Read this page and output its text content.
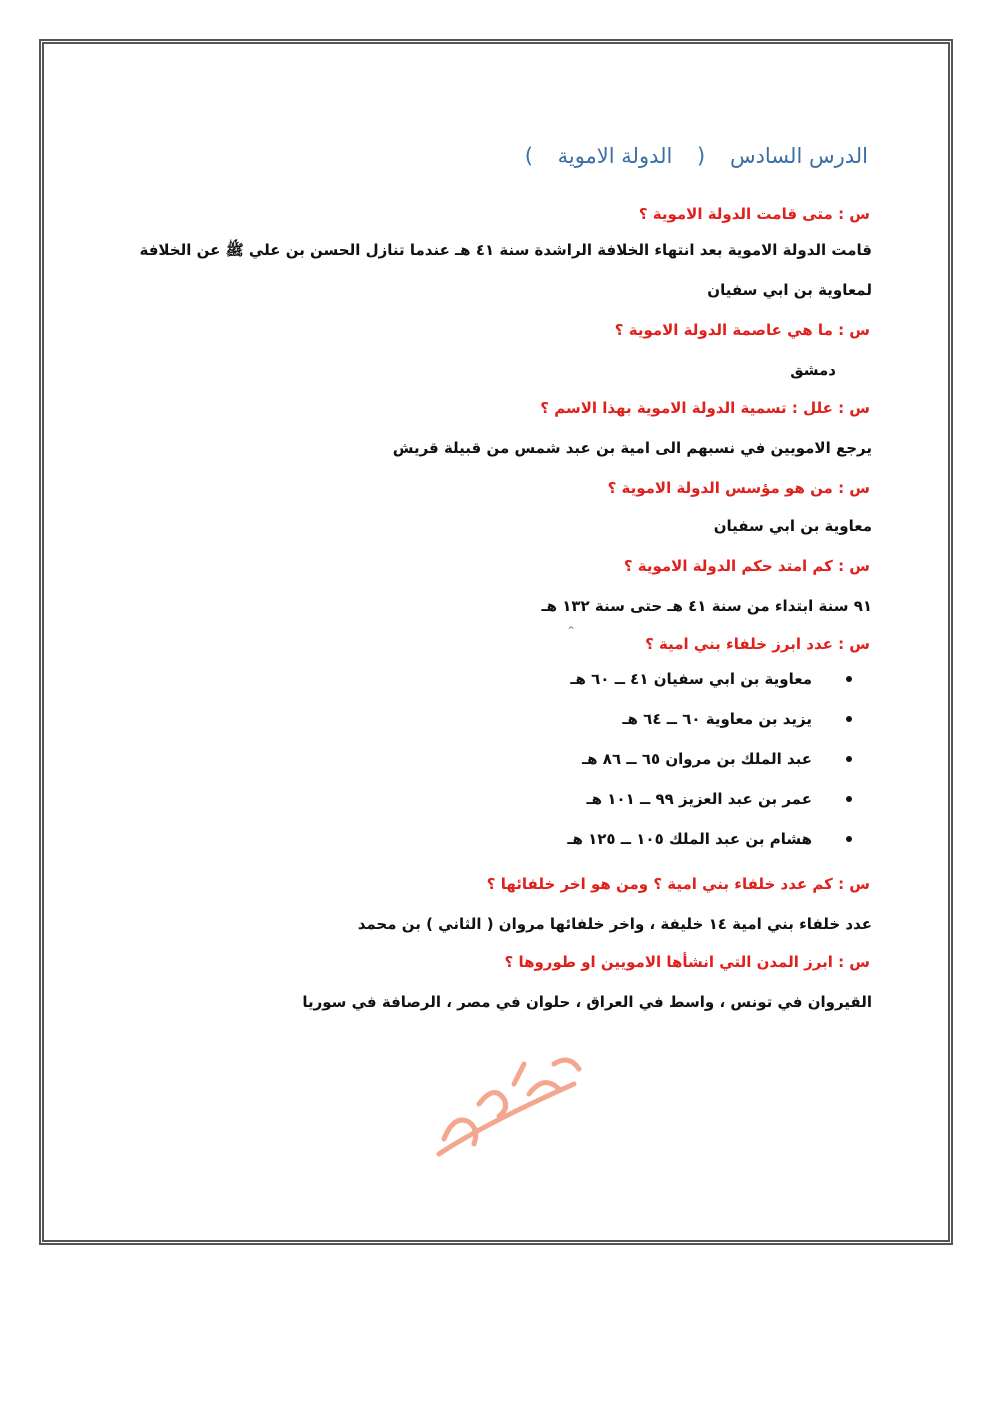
الدرس السادس ( الدولة الاموية )
س : متى قامت الدولة الاموية ؟
قامت الدولة الاموية بعد انتهاء الخلافة الراشدة سنة ٤١ هـ عندما تنازل الحسن بن علي ﷺ عن الخلافة
لمعاوية بن ابي سفيان
س : ما هي عاصمة الدولة الاموية ؟
دمشق
س : علل : تسمية الدولة الاموية بهذا الاسم ؟
يرجع الامويين في نسبهم الى امية بن عبد شمس من قبيلة قريش
س : من هو مؤسس الدولة الاموية ؟
معاوية بن ابي سفيان
س : كم امتد حكم الدولة الاموية ؟
٩١ سنة ابتداء من سنة ٤١ هـ حتى سنة ١٣٢ هـ
س : عدد ابرز خلفاء بني امية ؟
⌃
معاوية بن ابي سفيان ٤١ ــ ٦٠ هـ
يزيد بن معاوية ٦٠ ــ ٦٤ هـ
عبد الملك بن مروان ٦٥ ــ ٨٦ هـ
عمر بن عبد العزيز ٩٩ ــ ١٠١ هـ
هشام بن عبد الملك ١٠٥ ــ ١٢٥ هـ
س : كم عدد خلفاء بني امية ؟ ومن هو اخر خلفائها ؟
عدد خلفاء بني امية ١٤ خليفة ، واخر خلفائها مروان ( الثاني ) بن محمد
س : ابرز المدن التي انشأها الامويين او طوروها ؟
القيروان في تونس ، واسط في العراق ، حلوان في مصر ، الرصافة في سوريا
